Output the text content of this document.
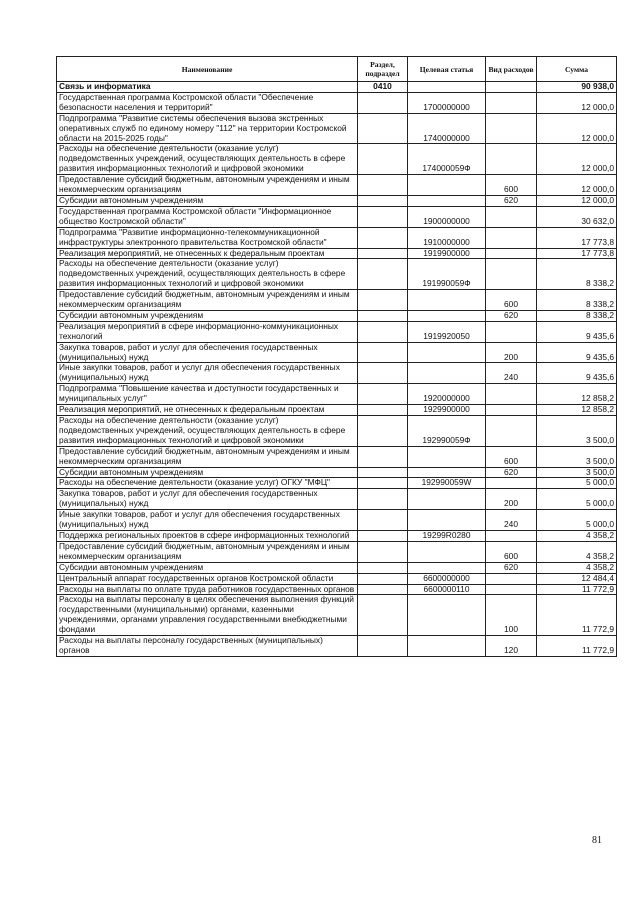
Наименование	Раздел, подраздел	Целевая статья	Вид расходов	Сумма
Связь и информатика	0410			90 938,0
Государственная программа Костромской области "Обеспечение безопасности населения и территорий"		1700000000		12 000,0
Подпрограмма "Развитие системы обеспечения вызова экстренных оперативных служб по единому номеру "112" на территории Костромской области на 2015-2025 годы"		1740000000		12 000,0
Расходы на обеспечение деятельности (оказание услуг) подведомственных учреждений, осуществляющих деятельность в сфере развития информационных технологий и цифровой экономики		174000059Ф		12 000,0
Предоставление субсидий бюджетным, автономным учреждениям и иным некоммерческим организациям			600	12 000,0
Субсидии автономным учреждениям			620	12 000,0
Государственная программа Костромской области "Информационное общество Костромской области"		1900000000		30 632,0
Подпрограмма "Развитие информационно-телекоммуникационной инфраструктуры электронного правительства Костромской области"		1910000000		17 773,8
Реализация мероприятий, не отнесенных к федеральным проектам		1919900000		17 773,8
Расходы на обеспечение деятельности (оказание услуг) подведомственных учреждений, осуществляющих деятельность в сфере развития информационных технологий и цифровой экономики		191990059Ф		8 338,2
Предоставление субсидий бюджетным, автономным учреждениям и иным некоммерческим организациям			600	8 338,2
Субсидии автономным учреждениям			620	8 338,2
Реализация мероприятий в сфере информационно-коммуникационных технологий		1919920050		9 435,6
Закупка товаров, работ и услуг для обеспечения государственных (муниципальных) нужд			200	9 435,6
Иные закупки товаров, работ и услуг для обеспечения государственных (муниципальных) нужд			240	9 435,6
Подпрограмма "Повышение качества и доступности государственных и муниципальных услуг"		1920000000		12 858,2
Реализация мероприятий, не отнесенных к федеральным проектам		1929900000		12 858,2
Расходы на обеспечение деятельности (оказание услуг) подведомственных учреждений, осуществляющих деятельность в сфере развития информационных технологий и цифровой экономики		192990059Ф		3 500,0
Предоставление субсидий бюджетным, автономным учреждениям и иным некоммерческим организациям			600	3 500,0
Субсидии автономным учреждениям			620	3 500,0
Расходы на обеспечение деятельности (оказание услуг) ОГКУ "МФЦ"		192990059W		5 000,0
Закупка товаров, работ и услуг для обеспечения государственных (муниципальных) нужд			200	5 000,0
Иные закупки товаров, работ и услуг для обеспечения государственных (муниципальных) нужд			240	5 000,0
Поддержка региональных проектов в сфере информационных технологий		19299R0280		4 358,2
Предоставление субсидий бюджетным, автономным учреждениям и иным некоммерческим организациям			600	4 358,2
Субсидии автономным учреждениям			620	4 358,2
Центральный аппарат государственных органов Костромской области		6600000000		12 484,4
Расходы на выплаты по оплате труда работников государственных органов		6600000110		11 772,9
Расходы на выплаты персоналу в целях обеспечения выполнения функций государственными (муниципальными) органами, казенными учреждениями, органами управления государственными внебюджетными фондами			100	11 772,9
Расходы на выплаты персоналу государственных (муниципальных) органов			120	11 772,9
81
